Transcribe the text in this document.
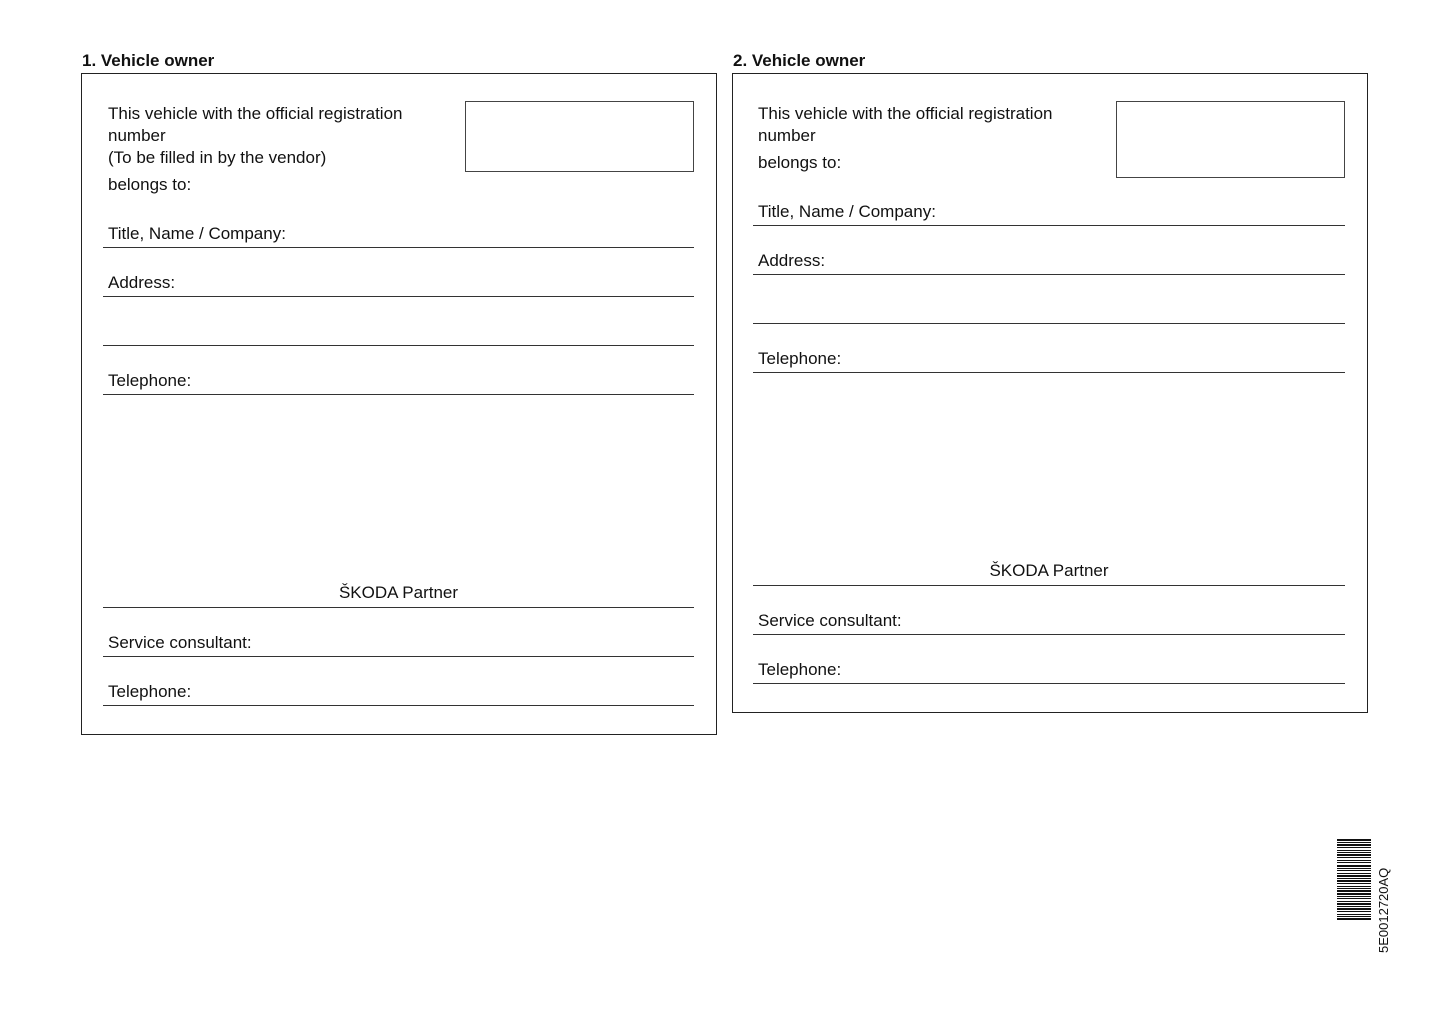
1. Vehicle owner	2. Vehicle owner
This vehicle with the official registration
number
(To be filled in by the vendor)
belongs to:
Title, Name / Company:
Address:
Telephone:
ŠKODA Partner
Service consultant:
Telephone:
This vehicle with the official registration
number
belongs to:
Title, Name / Company:
Address:
Telephone:
ŠKODA Partner
Service consultant:
Telephone:
5E0012720AQ
